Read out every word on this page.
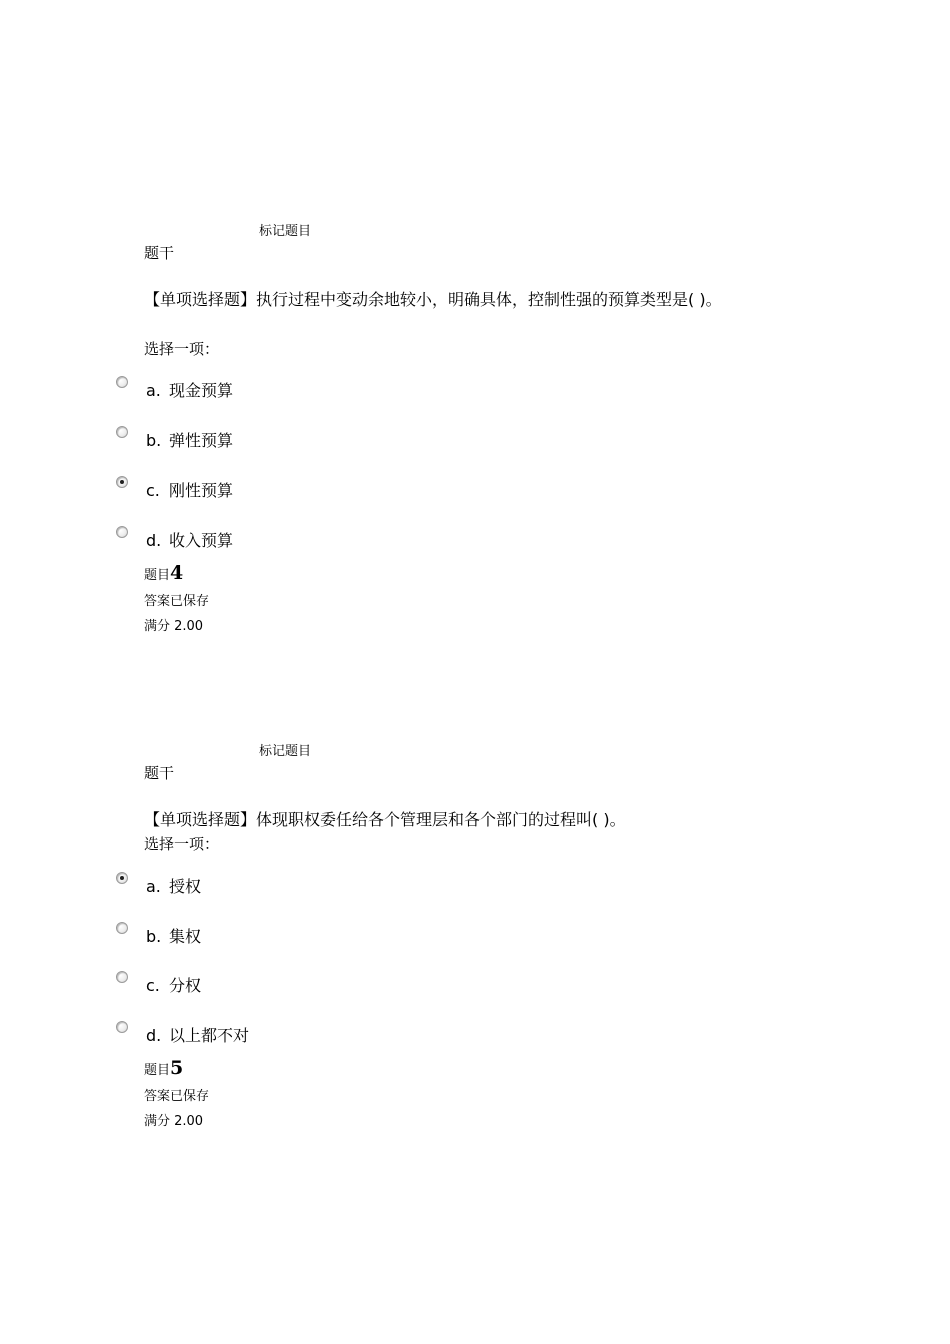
标记题目
题干
【单项选择题】执行过程中变动余地较小，明确具体，控制性强的预算类型是( )。
选择一项：
a. 现金预算
b. 弹性预算
c. 刚性预算
d. 收入预算
题目4
答案已保存
满分 2.00
标记题目
题干
【单项选择题】体现职权委任给各个管理层和各个部门的过程叫( )。
选择一项：
a. 授权
b. 集权
c. 分权
d. 以上都不对
题目5
答案已保存
满分 2.00
